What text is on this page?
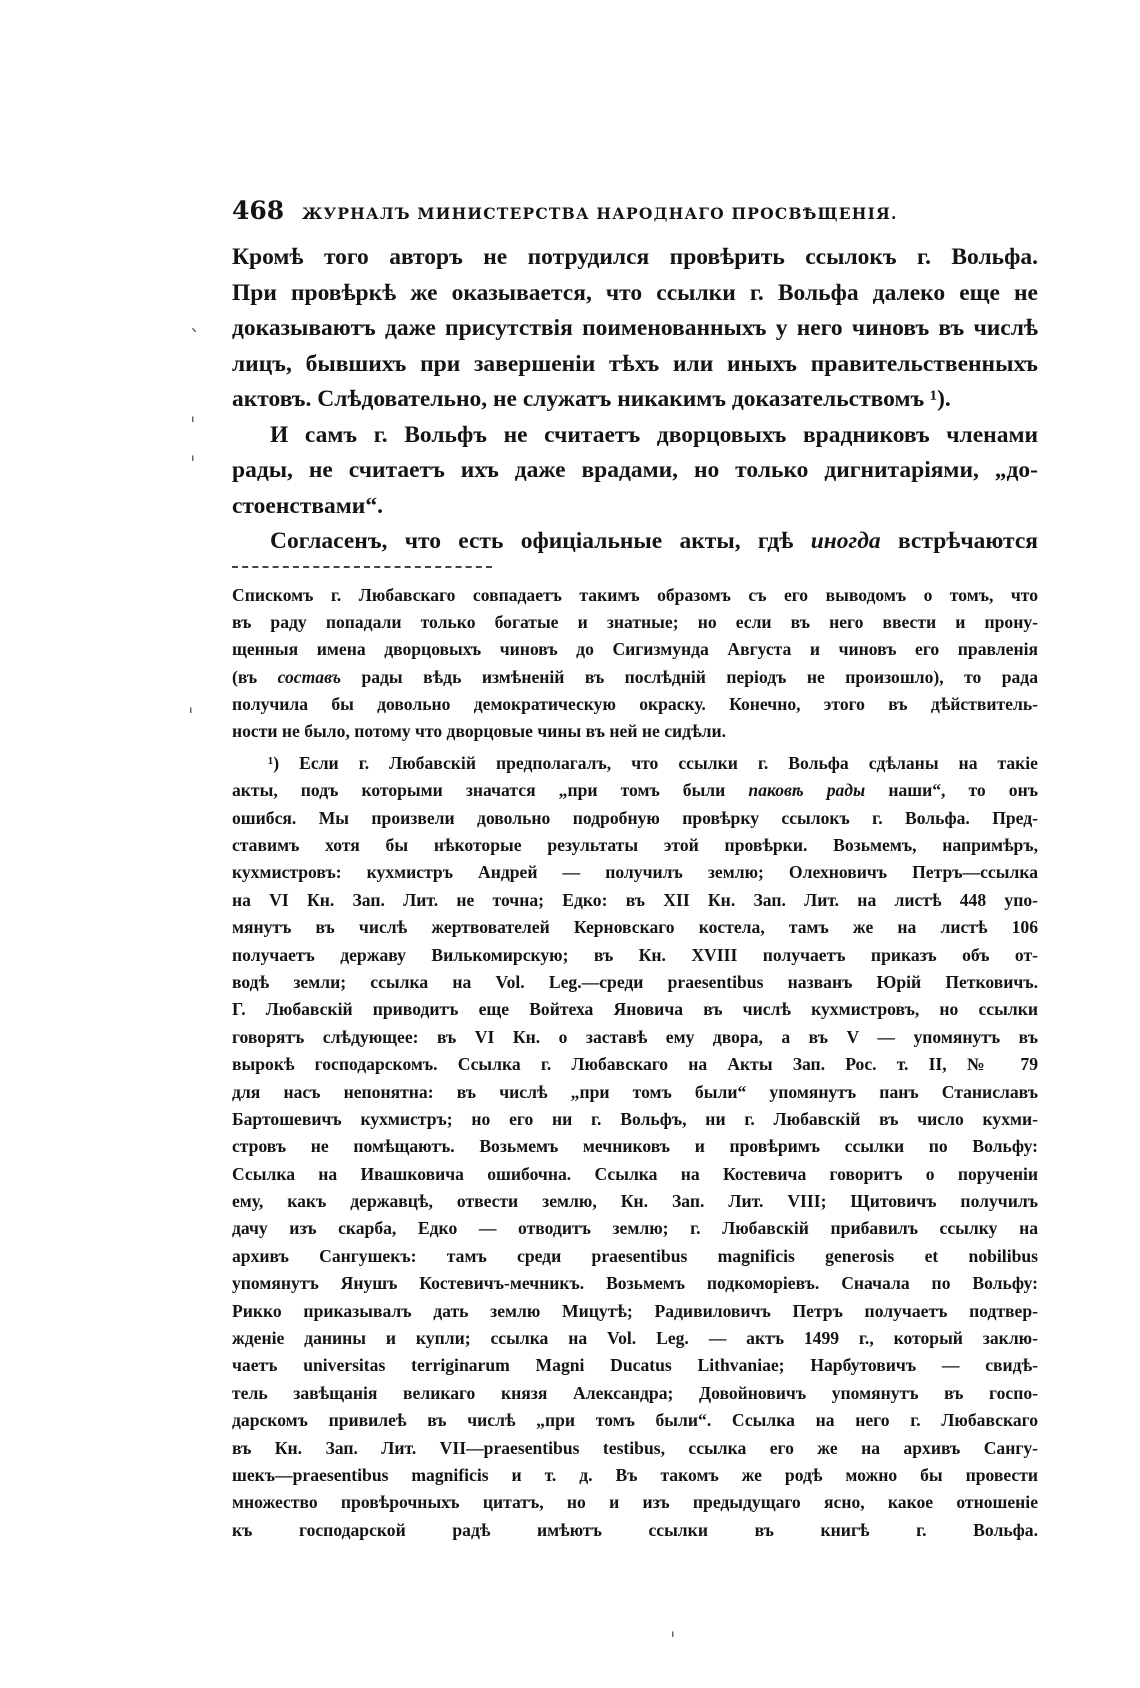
468	ЖУРНАЛЪ МИНИСТЕРСТВА НАРОДНАГО ПРОСВѢЩЕНІЯ.
Кромѣ того авторъ не потрудился провѣрить ссылокъ г. Вольфа.
При провѣркѣ же оказывается, что ссылки г. Вольфа далеко еще не
доказываютъ даже присутствія поименованныхъ у него чиновъ въ числѣ
лицъ, бывшихъ при завершеніи тѣхъ или иныхъ правительственныхъ
актовъ. Слѣдовательно, не служатъ никакимъ доказательствомъ ¹).
И самъ г. Вольфъ не считаетъ дворцовыхъ врадниковъ членами
рады, не считаетъ ихъ даже врадами, но только дигнитаріями, „до-
стоенствами“.
Согласенъ, что есть офиціальные акты, гдѣ иногда встрѣчаются
Спискомъ г. Любавскаго совпадаетъ такимъ образомъ съ его выводомъ о томъ, что
въ раду попадали только богатые и знатные; но если въ него ввести и прону-
щенныя имена дворцовыхъ чиновъ до Сигизмунда Августа и чиновъ его правленія
(въ составъ рады вѣдь измѣненій въ послѣдній періодъ не произошло), то рада
получила бы довольно демократическую окраску. Конечно, этого въ дѣйствитель-
ности не было, потому что дворцовые чины въ ней не сидѣли.
¹) Если г. Любавскій предполагалъ, что ссылки г. Вольфа сдѣланы на такіе
акты, подъ которыми значатся „при томъ были паковѣ рады наши“, то онъ
ошибся. Мы произвели довольно подробную провѣрку ссылокъ г. Вольфа. Пред-
ставимъ хотя бы нѣкоторые результаты этой провѣрки. Возьмемъ, напримѣръ,
кухмистровъ: кухмистръ Андрей — получилъ землю; Олехновичъ Петръ—ссылка
на VI Кн. Зап. Лит. не точна; Едко: въ XII Кн. Зап. Лит. на листѣ 448 упо-
мянутъ въ числѣ жертвователей Керновскаго костела, тамъ же на листѣ 106
получаетъ державу Вилькомирскую; въ Кн. XVIII получаетъ приказъ объ от-
водѣ земли; ссылка на Vol. Leg.—среди praesentibus названъ Юрій Петковичъ.
Г. Любавскій приводитъ еще Войтеха Яновича въ числѣ кухмистровъ, но ссылки
говорятъ слѣдующее: въ VI Кн. о заставѣ ему двора, а въ V — упомянутъ въ
вырокѣ господарскомъ. Ссылка г. Любавскаго на Акты Зап. Рос. т. II, № 79
для насъ непонятна: въ числѣ „при томъ были“ упомянутъ панъ Станиславъ
Бартошевичъ кухмистръ; но его ни г. Вольфъ, ни г. Любавскій въ число кухми-
стровъ не помѣщаютъ. Возьмемъ мечниковъ и провѣримъ ссылки по Вольфу:
Ссылка на Ивашковича ошибочна. Ссылка на Костевича говоритъ о порученіи
ему, какъ державцѣ, отвести землю, Кн. Зап. Лит. VIII; Щитовичъ получилъ
дачу изъ скарба, Едко — отводитъ землю; г. Любавскій прибавилъ ссылку на
архивъ Сангушекъ: тамъ среди praesentibus magnificis generosis et nobilibus
упомянутъ Янушъ Костевичъ-мечникъ. Возьмемъ подкоморіевъ. Сначала по Вольфу:
Рикко приказывалъ дать землю Мицутѣ; Радивиловичъ Петръ получаетъ подтвер-
жденіе данины и купли; ссылка на Vol. Leg. — актъ 1499 г., который заклю-
чаетъ universitas terriginarum Magni Ducatus Lithvaniae; Нарбутовичъ — свидѣ-
тель завѣщанія великаго князя Александра; Довойновичъ упомянутъ въ госпо-
дарскомъ привилеѣ въ числѣ „при томъ были“. Ссылка на него г. Любавскаго
въ Кн. Зап. Лит. VII—praesentibus testibus, ссылка его же на архивъ Сангу-
шекъ—praesentibus magnificis и т. д. Въ такомъ же родѣ можно бы провести
множество провѣрочныхъ цитатъ, но и изъ предыдущаго ясно, какое отношеніе
къ господарской радѣ имѣютъ ссылки въ книгѣ г. Вольфа.
ˎ
ˈ
ˈ
ˈ
ˈ
